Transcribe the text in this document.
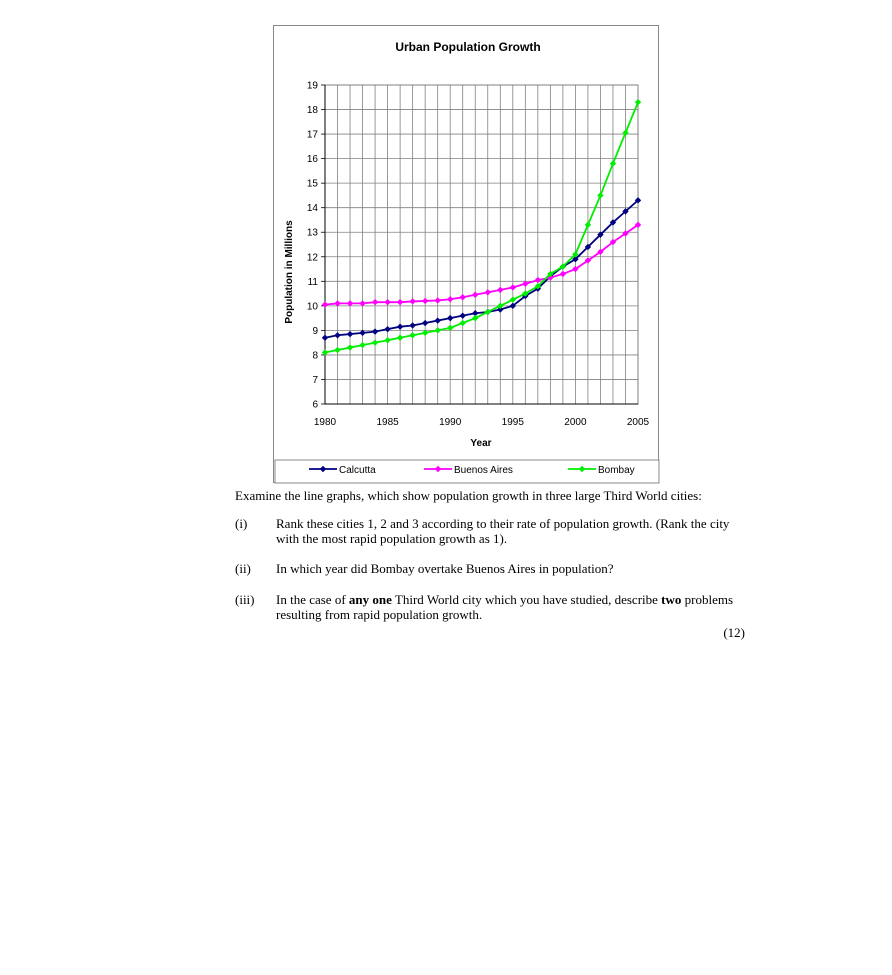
6
7
8
9
10
11
12
13
14
15
16
17
18
19
1980	1985	1990	1995	2000	2005
Urban Population Growth
Year
Population in Millions
Calcutta	Buenos Aires	Bombay

Examine the line graphs, which show population growth in three large Third World cities:

(i) Rank these cities 1, 2 and 3 according to their rate of population growth. (Rank the city with the most rapid population growth as 1).
(ii) In which year did Bombay overtake Buenos Aires in population?
(iii) In the case of any one Third World city which you have studied, describe two problems resulting from rapid population growth.
(12)
